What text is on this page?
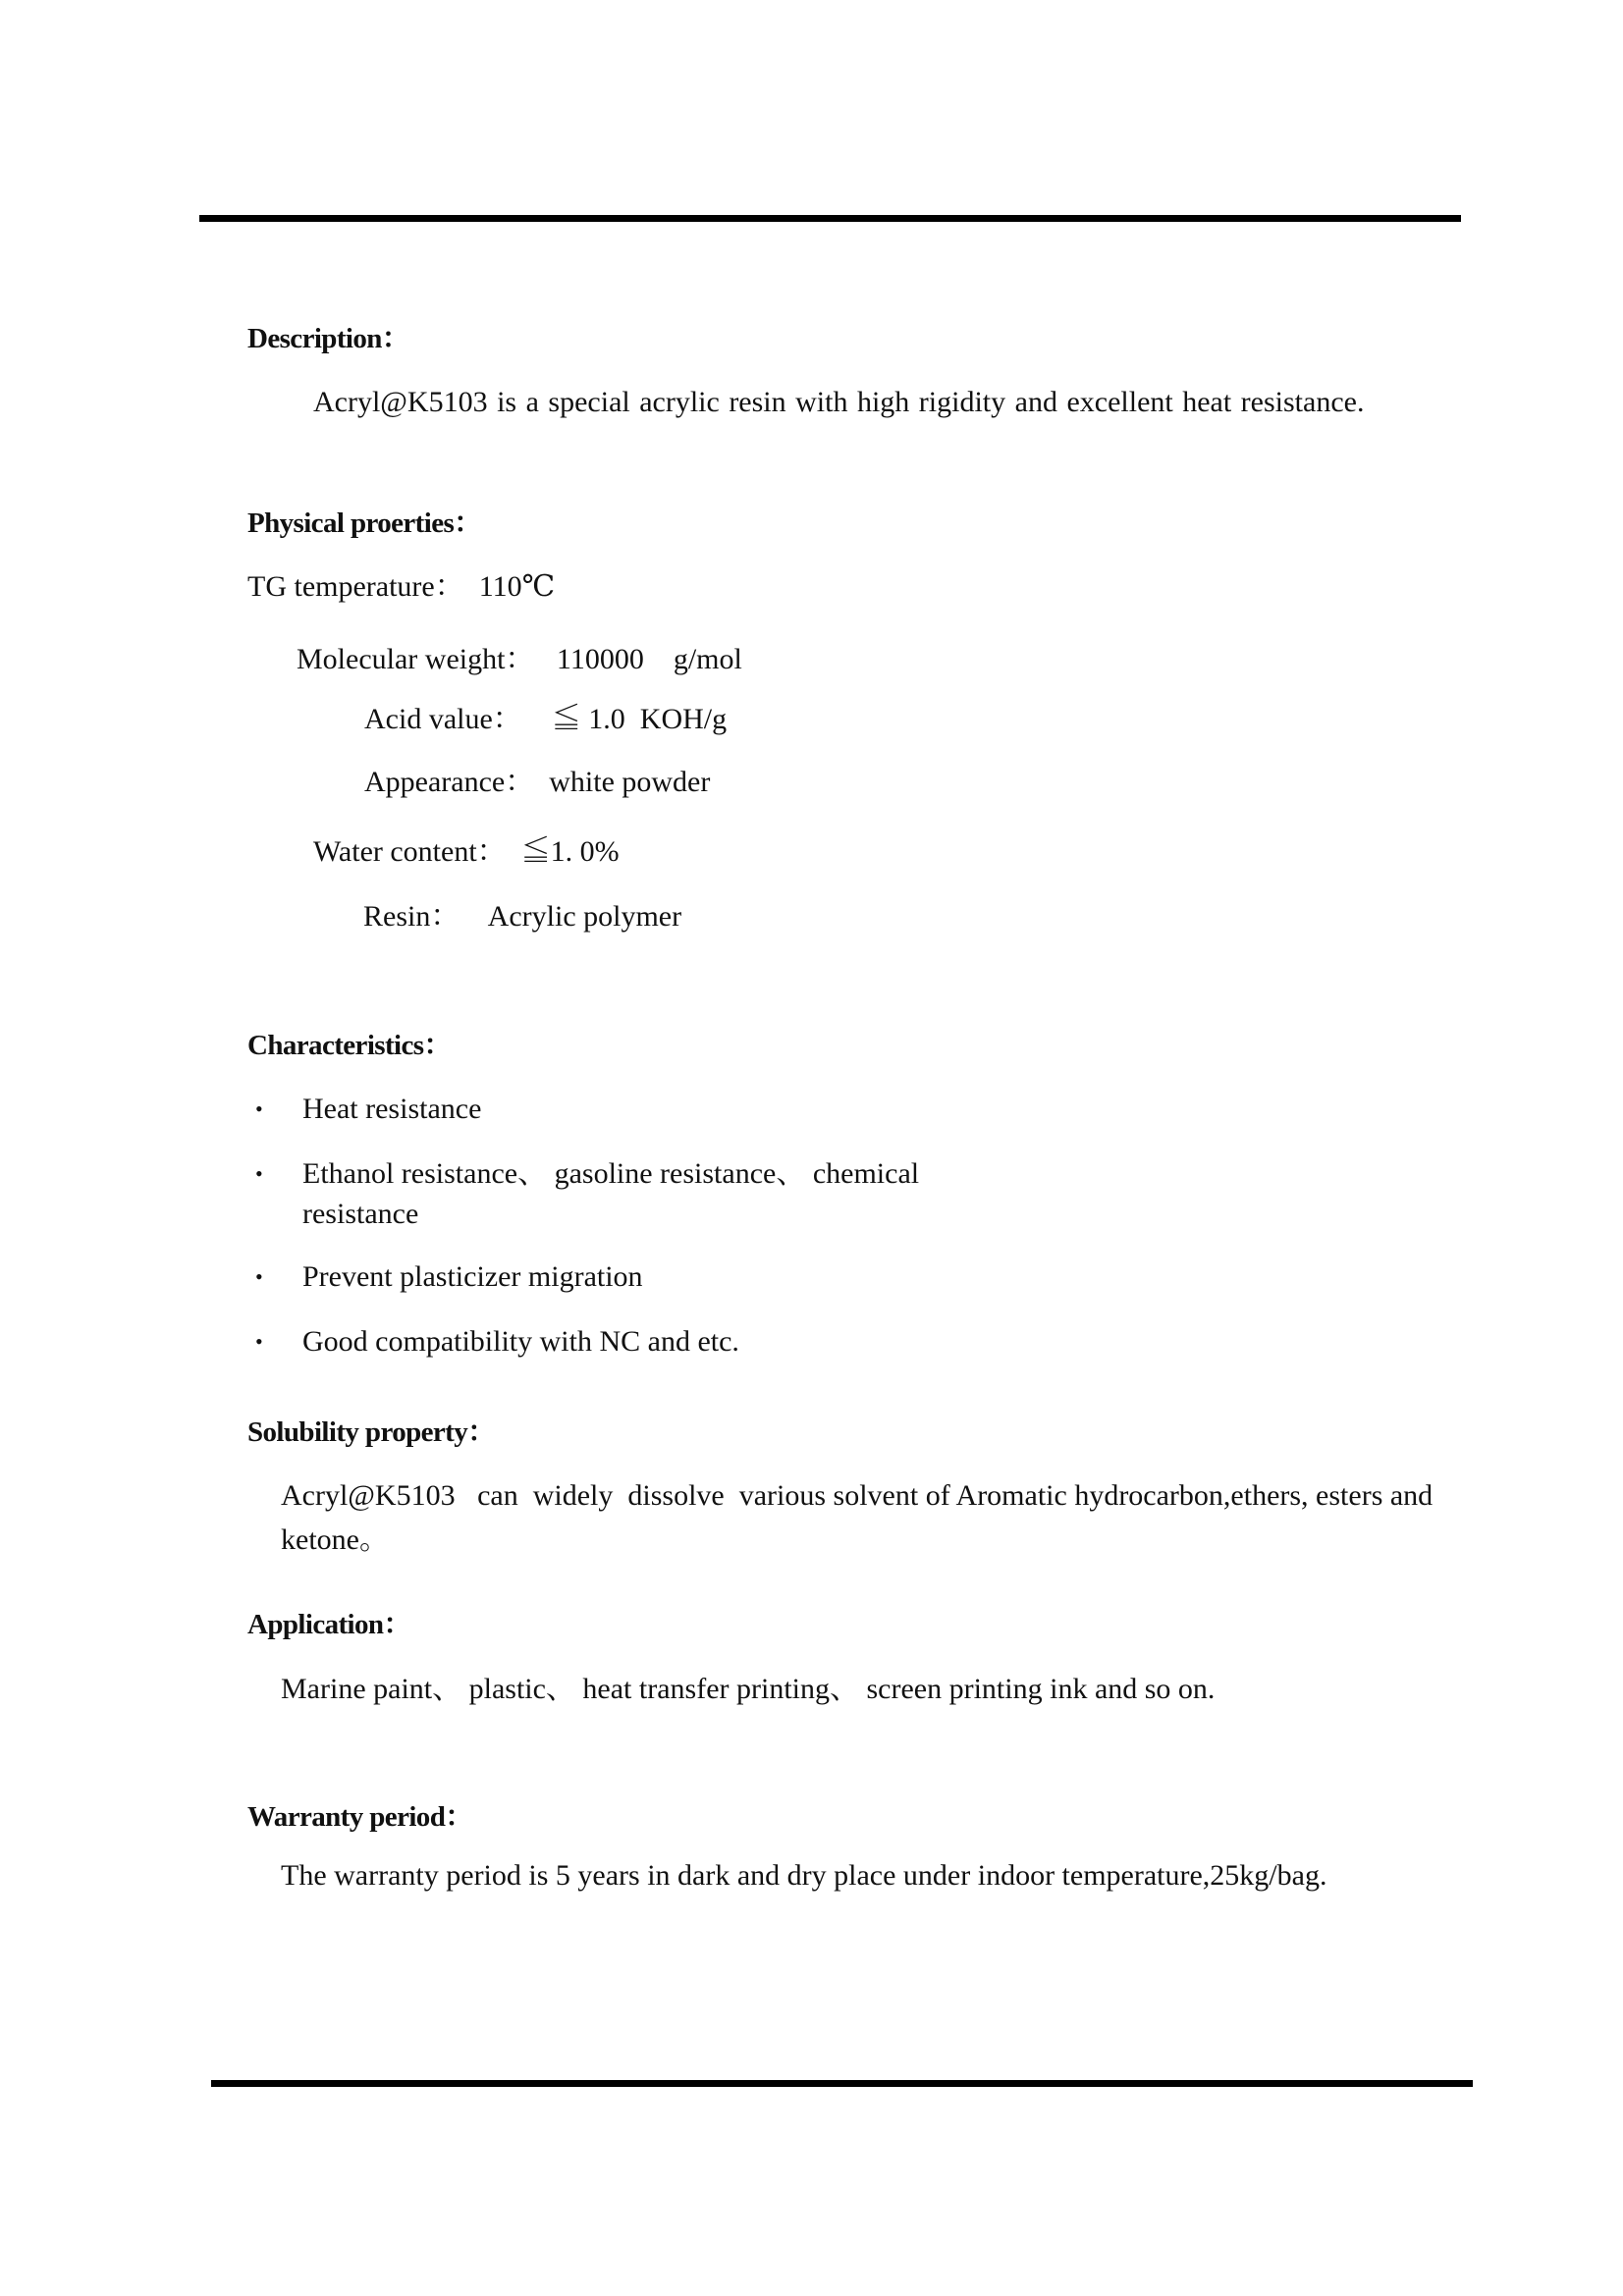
Description：
Acryl@K5103 is a special acrylic resin with high rigidity and excellent heat resistance.
Physical proerties：
TG temperature：  110℃
Molecular weight：   110000    g/mol
Acid value：    ≦ 1.0  KOH/g
Appearance：  white powder
Water content：  ≦1. 0%
Resin：    Acrylic polymer
Characteristics：
• Heat resistance
• Ethanol resistance、 gasoline resistance、 chemical
resistance
• Prevent plasticizer migration
• Good compatibility with NC and etc.
Solubility property：
Acryl@K5103   can  widely  dissolve  various solvent of Aromatic hydrocarbon,ethers, esters and
ketone。
Application：
Marine paint、 plastic、 heat transfer printing、 screen printing ink and so on.
Warranty period：
The warranty period is 5 years in dark and dry place under indoor temperature,25kg/bag.
